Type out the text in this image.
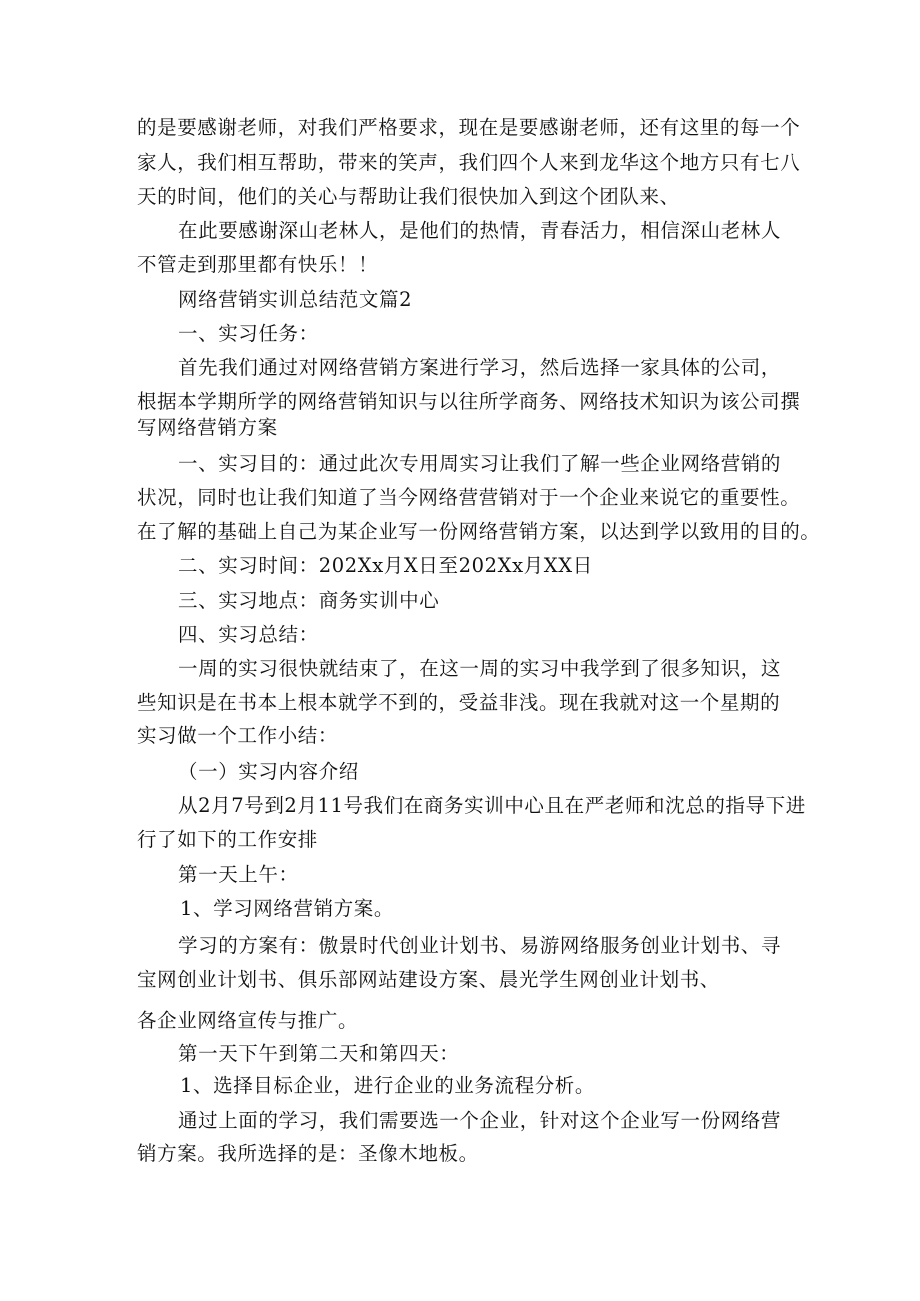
的是要感谢老师，对我们严格要求，现在是要感谢老师，还有这里的每一个
家人，我们相互帮助，带来的笑声，我们四个人来到龙华这个地方只有七八
天的时间，他们的关心与帮助让我们很快加入到这个团队来、
在此要感谢深山老林人，是他们的热情，青春活力，相信深山老林人
不管走到那里都有快乐！！
网络营销实训总结范文篇2
一、实习任务：
首先我们通过对网络营销方案进行学习，然后选择一家具体的公司，
根据本学期所学的网络营销知识与以往所学商务、网络技术知识为该公司撰
写网络营销方案
一、实习目的：通过此次专用周实习让我们了解一些企业网络营销的
状况，同时也让我们知道了当今网络营营销对于一个企业来说它的重要性。
在了解的基础上自己为某企业写一份网络营销方案，以达到学以致用的目的。
二、实习时间：202Xx月X日至202Xx月XX日
三、实习地点：商务实训中心
四、实习总结：
一周的实习很快就结束了，在这一周的实习中我学到了很多知识，这
些知识是在书本上根本就学不到的，受益非浅。现在我就对这一个星期的
实习做一个工作小结：
（一）实习内容介绍
从2月7号到2月11号我们在商务实训中心且在严老师和沈总的指导下进
行了如下的工作安排
第一天上午：
1、学习网络营销方案。
学习的方案有：傲景时代创业计划书、易游网络服务创业计划书、寻
宝网创业计划书、俱乐部网站建设方案、晨光学生网创业计划书、
各企业网络宣传与推广。
第一天下午到第二天和第四天：
1、选择目标企业，进行企业的业务流程分析。
通过上面的学习，我们需要选一个企业，针对这个企业写一份网络营
销方案。我所选择的是：圣像木地板。
